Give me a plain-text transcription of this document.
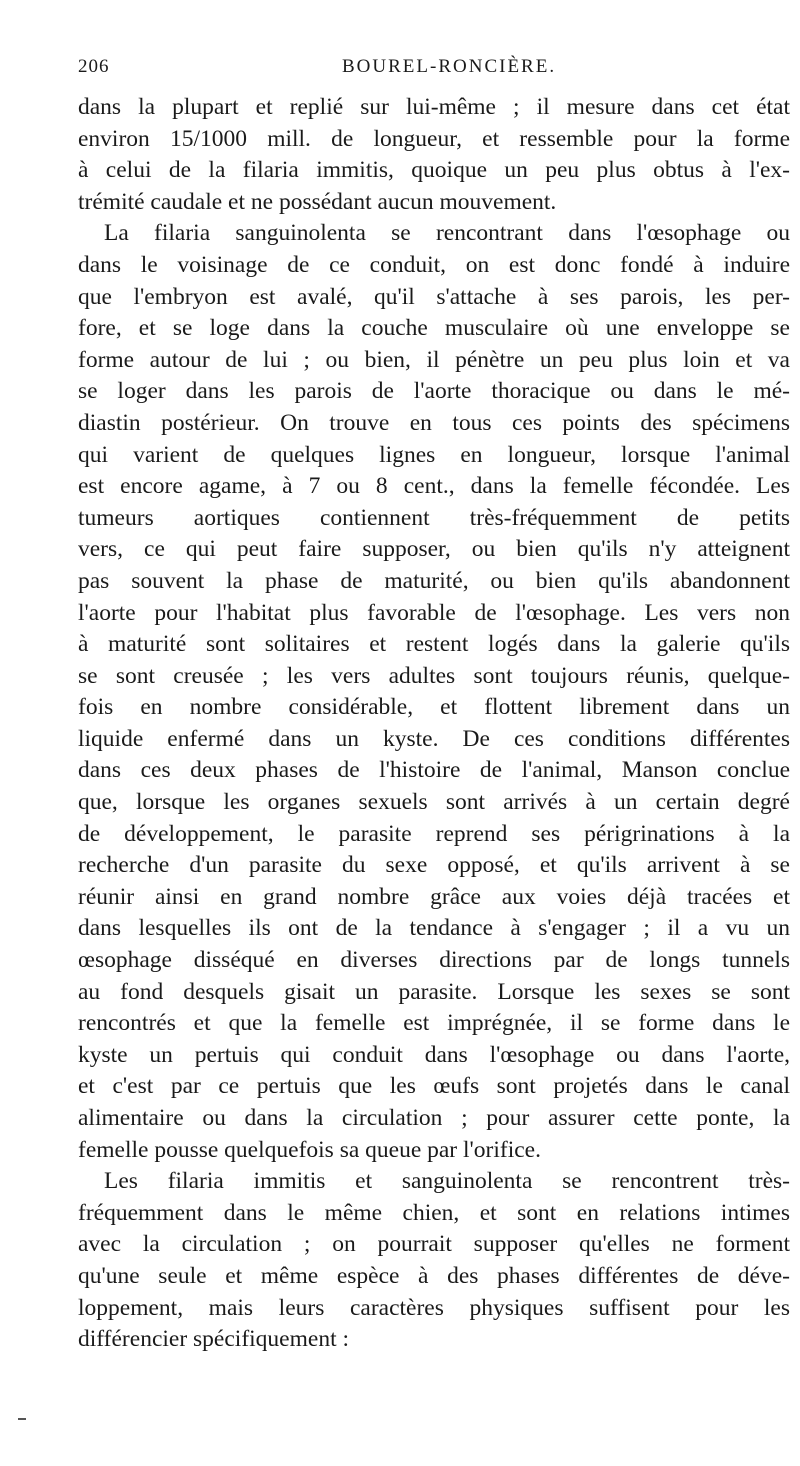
206	BOUREL-RONCIÈRE.
dans la plupart et replié sur lui-même ; il mesure dans cet état
environ 15/1000 mill. de longueur, et ressemble pour la forme
à celui de la filaria immitis, quoique un peu plus obtus à l'ex-
trémité caudale et ne possédant aucun mouvement.
La filaria sanguinolenta se rencontrant dans l'œsophage ou
dans le voisinage de ce conduit, on est donc fondé à induire
que l'embryon est avalé, qu'il s'attache à ses parois, les per-
fore, et se loge dans la couche musculaire où une enveloppe se
forme autour de lui ; ou bien, il pénètre un peu plus loin et va
se loger dans les parois de l'aorte thoracique ou dans le mé-
diastin postérieur. On trouve en tous ces points des spécimens
qui varient de quelques lignes en longueur, lorsque l'animal
est encore agame, à 7 ou 8 cent., dans la femelle fécondée. Les
tumeurs aortiques contiennent très-fréquemment de petits
vers, ce qui peut faire supposer, ou bien qu'ils n'y atteignent
pas souvent la phase de maturité, ou bien qu'ils abandonnent
l'aorte pour l'habitat plus favorable de l'œsophage. Les vers non
à maturité sont solitaires et restent logés dans la galerie qu'ils
se sont creusée ; les vers adultes sont toujours réunis, quelque-
fois en nombre considérable, et flottent librement dans un
liquide enfermé dans un kyste. De ces conditions différentes
dans ces deux phases de l'histoire de l'animal, Manson conclue
que, lorsque les organes sexuels sont arrivés à un certain degré
de développement, le parasite reprend ses périgrinations à la
recherche d'un parasite du sexe opposé, et qu'ils arrivent à se
réunir ainsi en grand nombre grâce aux voies déjà tracées et
dans lesquelles ils ont de la tendance à s'engager ; il a vu un
œsophage disséqué en diverses directions par de longs tunnels
au fond desquels gisait un parasite. Lorsque les sexes se sont
rencontrés et que la femelle est imprégnée, il se forme dans le
kyste un pertuis qui conduit dans l'œsophage ou dans l'aorte,
et c'est par ce pertuis que les œufs sont projetés dans le canal
alimentaire ou dans la circulation ; pour assurer cette ponte, la
femelle pousse quelquefois sa queue par l'orifice.
Les filaria immitis et sanguinolenta se rencontrent très-
fréquemment dans le même chien, et sont en relations intimes
avec la circulation ; on pourrait supposer qu'elles ne forment
qu'une seule et même espèce à des phases différentes de déve-
loppement, mais leurs caractères physiques suffisent pour les
différencier spécifiquement :
